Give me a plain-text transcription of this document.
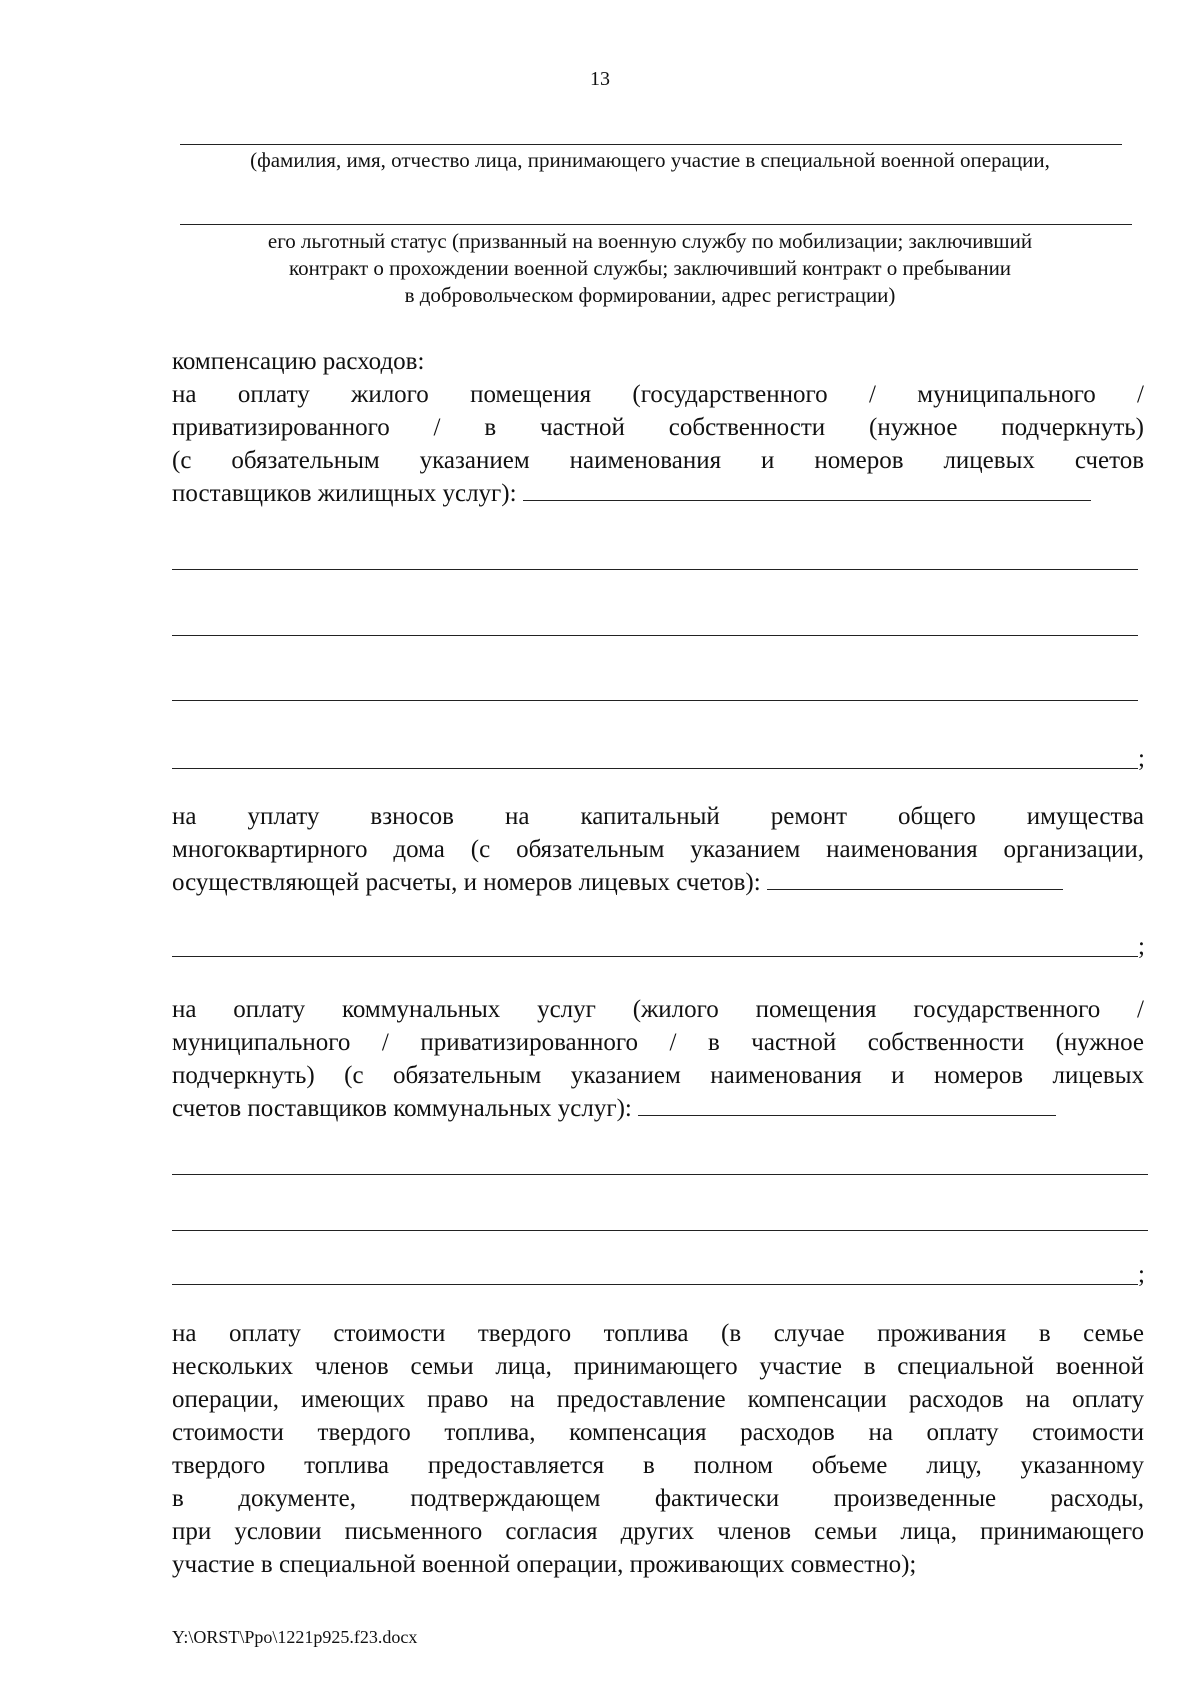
13
(фамилия, имя, отчество лица, принимающего участие в специальной военной операции,
его льготный статус (призванный на военную службу по мобилизации; заключивший
контракт о прохождении военной службы; заключивший контракт о пребывании
в добровольческом формировании, адрес регистрации)
компенсацию расходов:
на оплату жилого помещения (государственного / муниципального /
приватизированного / в частной собственности (нужное подчеркнуть)
(с обязательным указанием наименования и номеров лицевых счетов
поставщиков жилищных услуг):
;
на уплату взносов на капитальный ремонт общего имущества
многоквартирного дома (с обязательным указанием наименования организации,
осуществляющей расчеты, и номеров лицевых счетов):
;
на оплату коммунальных услуг (жилого помещения государственного /
муниципального / приватизированного / в частной собственности (нужное
подчеркнуть) (с обязательным указанием наименования и номеров лицевых
счетов поставщиков коммунальных услуг):
;
на оплату стоимости твердого топлива (в случае проживания в семье
нескольких членов семьи лица, принимающего участие в специальной военной
операции, имеющих право на предоставление компенсации расходов на оплату
стоимости твердого топлива, компенсация расходов на оплату стоимости
твердого топлива предоставляется в полном объеме лицу, указанному
в документе, подтверждающем фактически произведенные расходы,
при условии письменного согласия других членов семьи лица, принимающего
участие в специальной военной операции, проживающих совместно);
Y:\ORST\Ppo\1221p925.f23.docx
